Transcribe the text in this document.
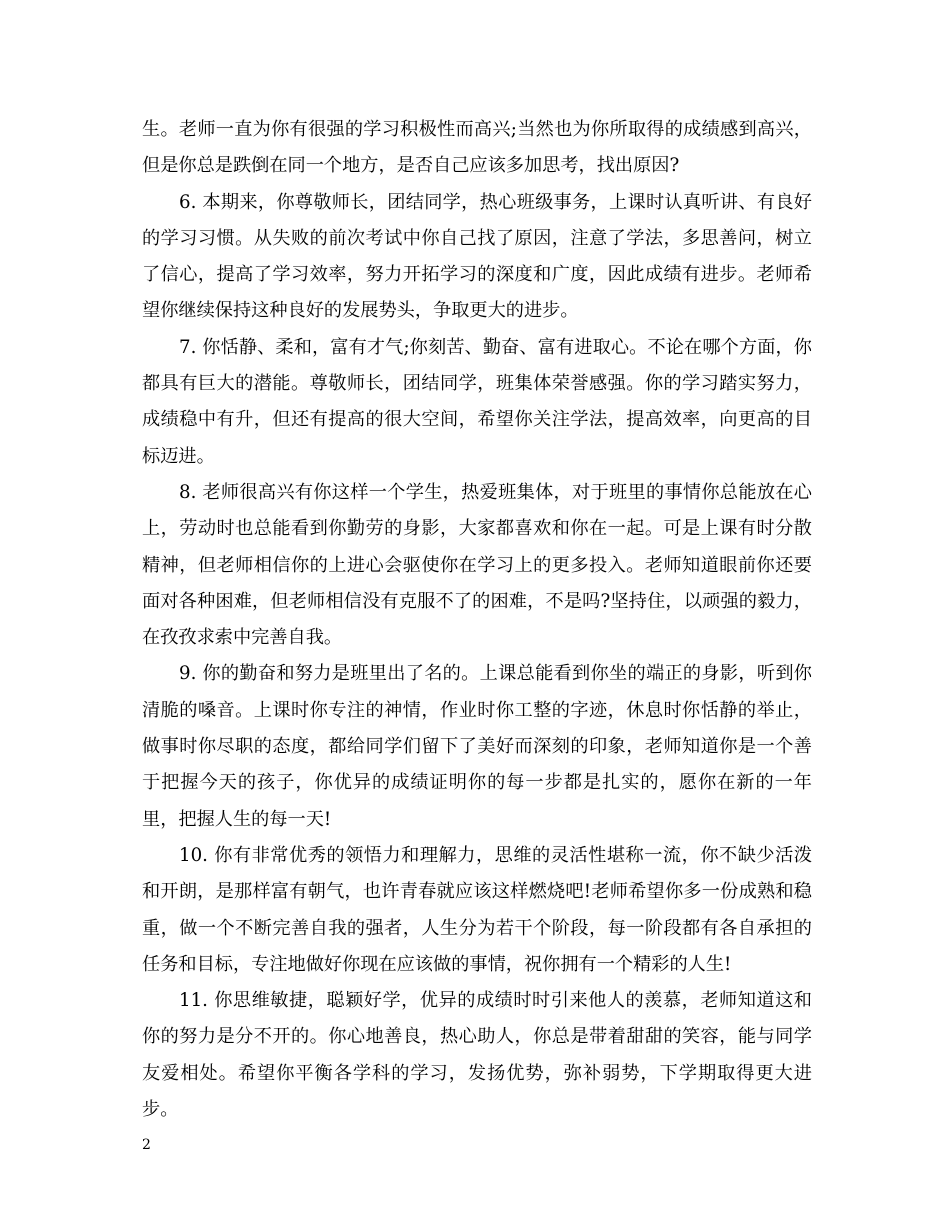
生。老师一直为你有很强的学习积极性而高兴;当然也为你所取得的成绩感到高兴，但是你总是跌倒在同一个地方，是否自己应该多加思考，找出原因?

6. 本期来，你尊敬师长，团结同学，热心班级事务，上课时认真听讲、有良好的学习习惯。从失败的前次考试中你自己找了原因，注意了学法，多思善问，树立了信心，提高了学习效率，努力开拓学习的深度和广度，因此成绩有进步。老师希望你继续保持这种良好的发展势头，争取更大的进步。

7. 你恬静、柔和，富有才气;你刻苦、勤奋、富有进取心。不论在哪个方面，你都具有巨大的潜能。尊敬师长，团结同学，班集体荣誉感强。你的学习踏实努力，成绩稳中有升，但还有提高的很大空间，希望你关注学法，提高效率，向更高的目标迈进。

8. 老师很高兴有你这样一个学生，热爱班集体，对于班里的事情你总能放在心上，劳动时也总能看到你勤劳的身影，大家都喜欢和你在一起。可是上课有时分散精神，但老师相信你的上进心会驱使你在学习上的更多投入。老师知道眼前你还要面对各种困难，但老师相信没有克服不了的困难，不是吗?坚持住，以顽强的毅力，在孜孜求索中完善自我。

9. 你的勤奋和努力是班里出了名的。上课总能看到你坐的端正的身影，听到你清脆的嗓音。上课时你专注的神情，作业时你工整的字迹，休息时你恬静的举止，做事时你尽职的态度，都给同学们留下了美好而深刻的印象，老师知道你是一个善于把握今天的孩子，你优异的成绩证明你的每一步都是扎实的，愿你在新的一年里，把握人生的每一天!

10. 你有非常优秀的领悟力和理解力，思维的灵活性堪称一流，你不缺少活泼和开朗，是那样富有朝气，也许青春就应该这样燃烧吧!老师希望你多一份成熟和稳重，做一个不断完善自我的强者，人生分为若干个阶段，每一阶段都有各自承担的任务和目标，专注地做好你现在应该做的事情，祝你拥有一个精彩的人生!

11. 你思维敏捷，聪颖好学，优异的成绩时时引来他人的羡慕，老师知道这和你的努力是分不开的。你心地善良，热心助人，你总是带着甜甜的笑容，能与同学友爱相处。希望你平衡各学科的学习，发扬优势，弥补弱势，下学期取得更大进步。

2
